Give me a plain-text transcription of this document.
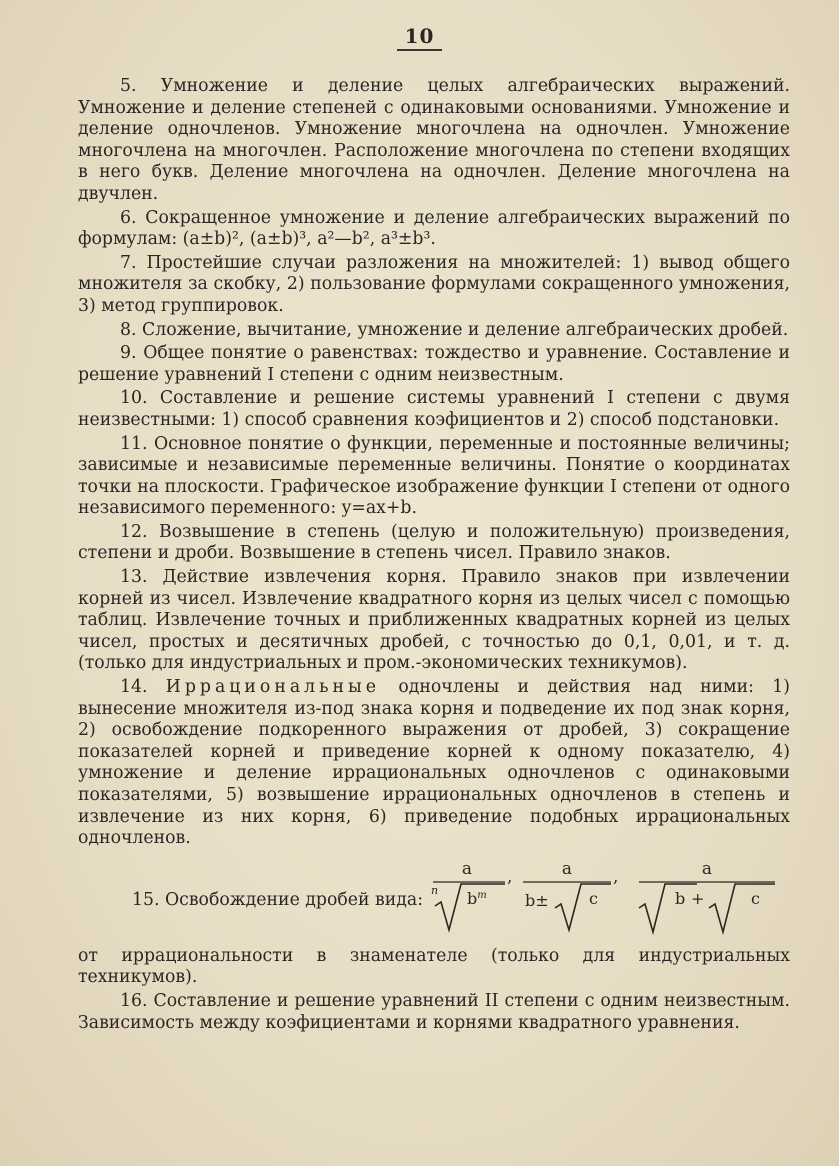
10

5. Умножение и деление целых алгебраических выражений. Умножение и деление степеней с одинаковыми основаниями. Умножение и деление одночленов. Умножение многочлена на одночлен. Умножение многочлена на многочлен. Расположение многочлена по степени входящих в него букв. Деление многочлена на одночлен. Деление многочлена на двучлен.

6. Сокращенное умножение и деление алгебраических выражений по формулам: (a±b)², (a±b)³, a²—b², a³±b³.

7. Простейшие случаи разложения на множителей: 1) вывод общего множителя за скобку, 2) пользование формулами сокращенного умножения, 3) метод группировок.

8. Сложение, вычитание, умножение и деление алгебраических дробей.

9. Общее понятие о равенствах: тождество и уравнение. Составление и решение уравнений I степени с одним неизвестным.

10. Составление и решение системы уравнений I степени с двумя неизвестными: 1) способ сравнения коэфициентов и 2) способ подстановки.

11. Основное понятие о функции, переменные и постоянные величины; зависимые и независимые переменные величины. Понятие о координатах точки на плоскости. Графическое изображение функции I степени от одного независимого переменного: y=ax+b.

12. Возвышение в степень (целую и положительную) произведения, степени и дроби. Возвышение в степень чисел. Правило знаков.

13. Действие извлечения корня. Правило знаков при извлечении корней из чисел. Извлечение квадратного корня из целых чисел с помощью таблиц. Извлечение точных и приближенных квадратных корней из целых чисел, простых и десятичных дробей, с точностью до 0,1, 0,01, и т. д. (только для индустриальных и пром.-экономических техникумов).

14. Иррациональные одночлены и действия над ними: 1) вынесение множителя из-под знака корня и подведение их под знак корня, 2) освобождение подкоренного выражения от дробей, 3) сокращение показателей корней и приведение корней к одному показателю, 4) умножение и деление иррациональных одночленов с одинаковыми показателями, 5) возвышение иррациональных одночленов в степень и извлечение из них корня, 6) приведение подобных иррациональных одночленов.

15. Освобождение дробей вида:
a
n $b^m$
,	a
b±	c
,	a
b +	c

от иррациональности в знаменателе (только для индустриальных техникумов).

16. Составление и решение уравнений II степени с одним неизвестным. Зависимость между коэфициентами и корнями квадратного уравнения.
